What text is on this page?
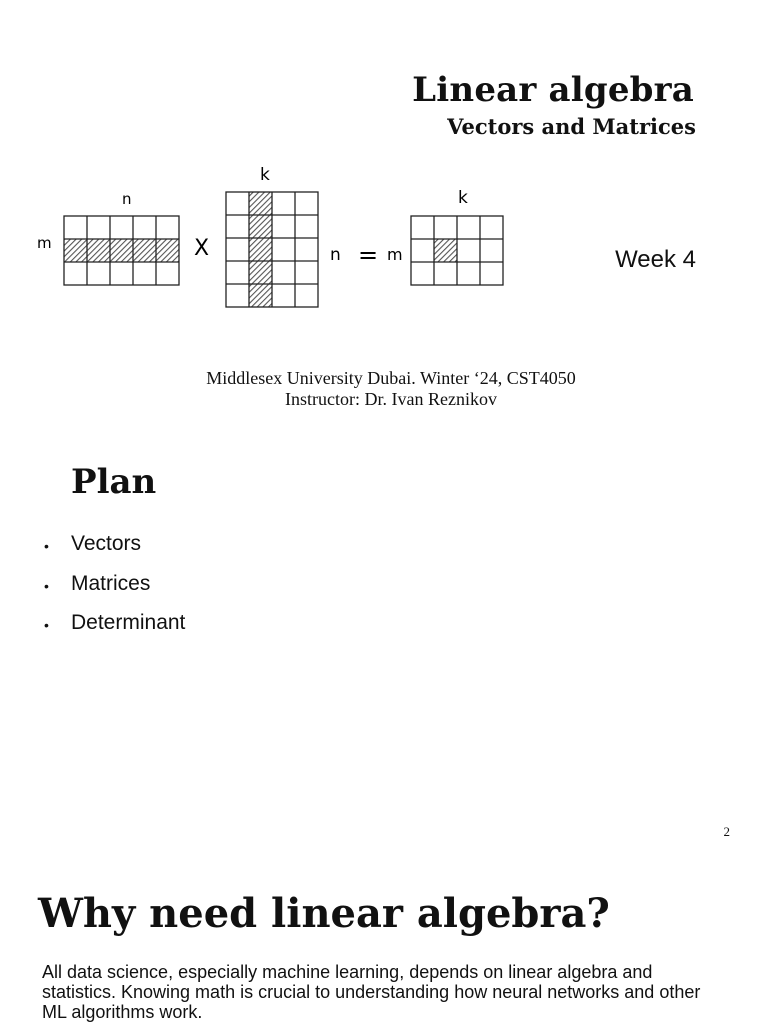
Linear algebra
Vectors and Matrices
m
n
X
k
n = m
k
Week 4
Middlesex University Dubai. Winter ‘24, CST4050
Instructor: Dr. Ivan Reznikov
Plan
•	Vectors
•	Matrices
•	Determinant
2
Why need linear algebra?
All data science, especially machine learning, depends on linear algebra and statistics. Knowing math is crucial to understanding how neural networks and other ML algorithms work.
